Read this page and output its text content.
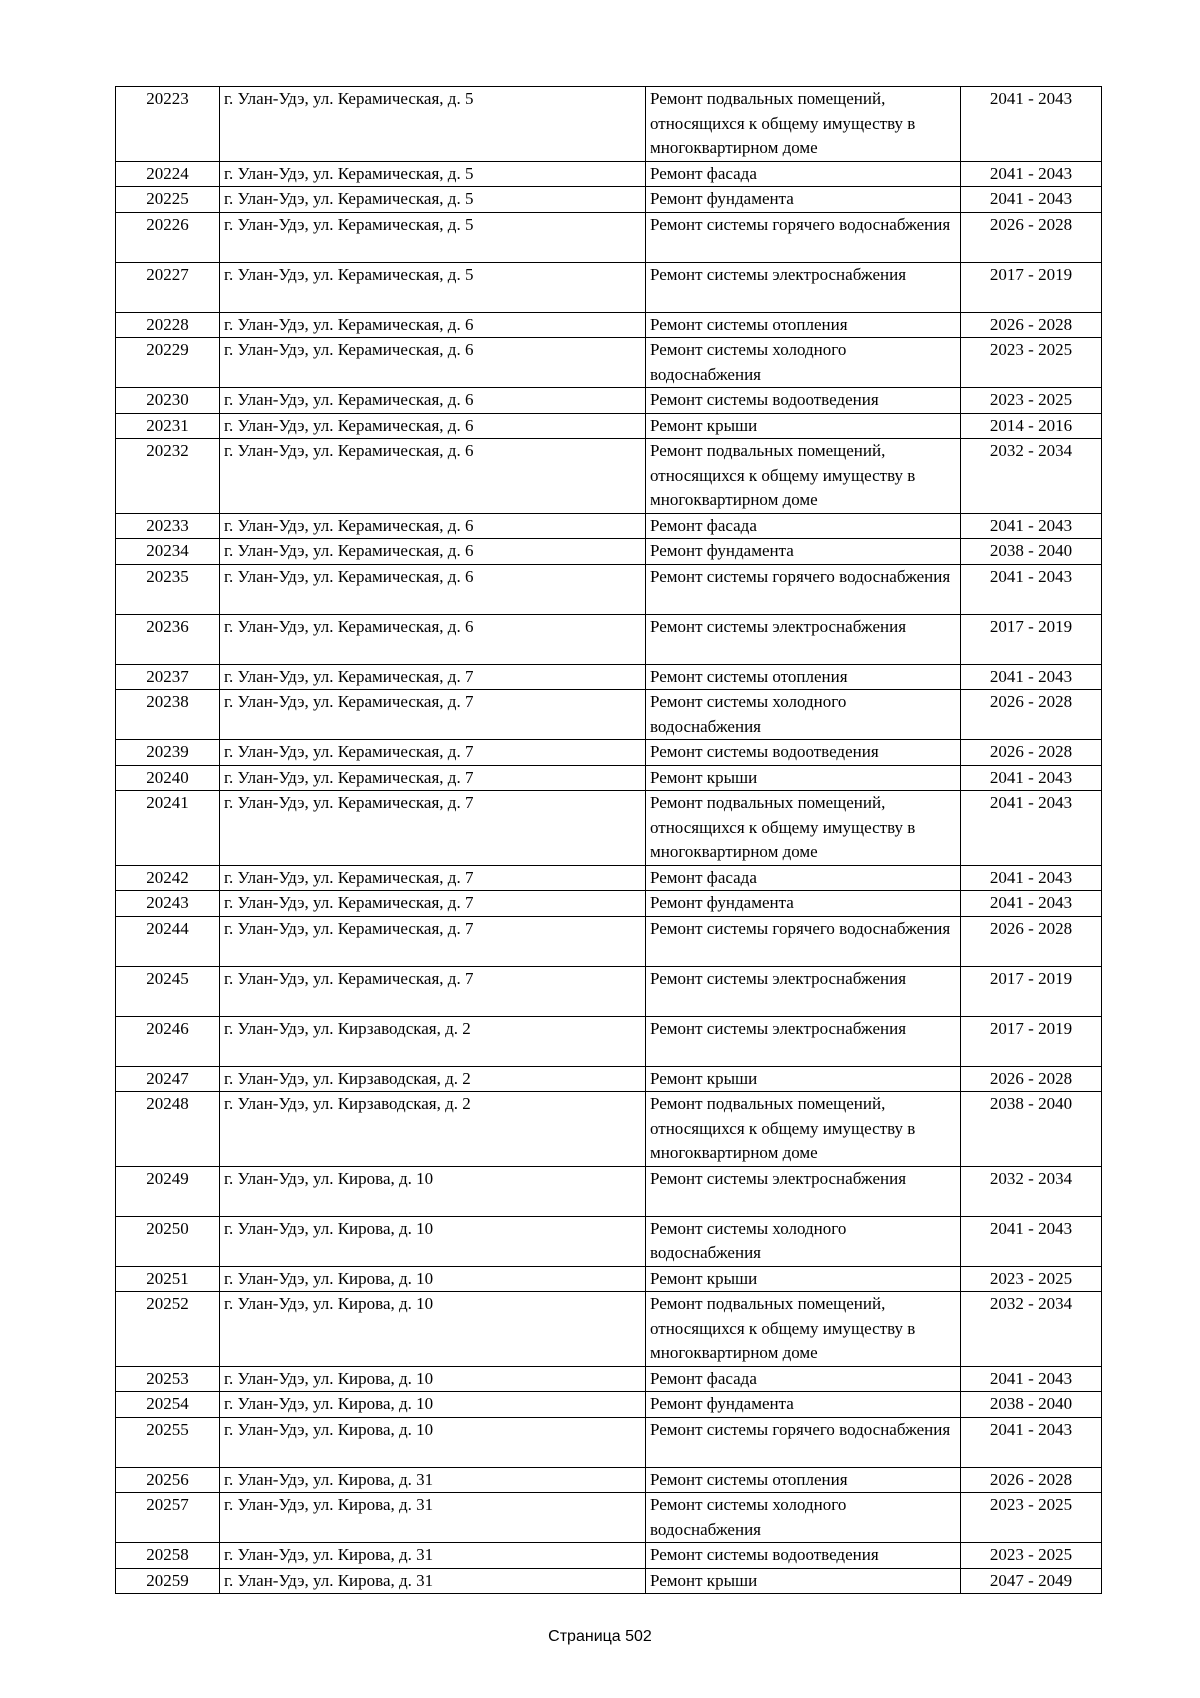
20223	г. Улан-Удэ, ул. Керамическая, д. 5	Ремонт подвальных помещений, относящихся к общему имуществу в многоквартирном доме	2041 - 2043
20224	г. Улан-Удэ, ул. Керамическая, д. 5	Ремонт фасада	2041 - 2043
20225	г. Улан-Удэ, ул. Керамическая, д. 5	Ремонт фундамента	2041 - 2043
20226	г. Улан-Удэ, ул. Керамическая, д. 5	Ремонт системы горячего водоснабжения	2026 - 2028
20227	г. Улан-Удэ, ул. Керамическая, д. 5	Ремонт системы электроснабжения	2017 - 2019
20228	г. Улан-Удэ, ул. Керамическая, д. 6	Ремонт системы отопления	2026 - 2028
20229	г. Улан-Удэ, ул. Керамическая, д. 6	Ремонт системы холодного водоснабжения	2023 - 2025
20230	г. Улан-Удэ, ул. Керамическая, д. 6	Ремонт системы водоотведения	2023 - 2025
20231	г. Улан-Удэ, ул. Керамическая, д. 6	Ремонт крыши	2014 - 2016
20232	г. Улан-Удэ, ул. Керамическая, д. 6	Ремонт подвальных помещений, относящихся к общему имуществу в многоквартирном доме	2032 - 2034
20233	г. Улан-Удэ, ул. Керамическая, д. 6	Ремонт фасада	2041 - 2043
20234	г. Улан-Удэ, ул. Керамическая, д. 6	Ремонт фундамента	2038 - 2040
20235	г. Улан-Удэ, ул. Керамическая, д. 6	Ремонт системы горячего водоснабжения	2041 - 2043
20236	г. Улан-Удэ, ул. Керамическая, д. 6	Ремонт системы электроснабжения	2017 - 2019
20237	г. Улан-Удэ, ул. Керамическая, д. 7	Ремонт системы отопления	2041 - 2043
20238	г. Улан-Удэ, ул. Керамическая, д. 7	Ремонт системы холодного водоснабжения	2026 - 2028
20239	г. Улан-Удэ, ул. Керамическая, д. 7	Ремонт системы водоотведения	2026 - 2028
20240	г. Улан-Удэ, ул. Керамическая, д. 7	Ремонт крыши	2041 - 2043
20241	г. Улан-Удэ, ул. Керамическая, д. 7	Ремонт подвальных помещений, относящихся к общему имуществу в многоквартирном доме	2041 - 2043
20242	г. Улан-Удэ, ул. Керамическая, д. 7	Ремонт фасада	2041 - 2043
20243	г. Улан-Удэ, ул. Керамическая, д. 7	Ремонт фундамента	2041 - 2043
20244	г. Улан-Удэ, ул. Керамическая, д. 7	Ремонт системы горячего водоснабжения	2026 - 2028
20245	г. Улан-Удэ, ул. Керамическая, д. 7	Ремонт системы электроснабжения	2017 - 2019
20246	г. Улан-Удэ, ул. Кирзаводская, д. 2	Ремонт системы электроснабжения	2017 - 2019
20247	г. Улан-Удэ, ул. Кирзаводская, д. 2	Ремонт крыши	2026 - 2028
20248	г. Улан-Удэ, ул. Кирзаводская, д. 2	Ремонт подвальных помещений, относящихся к общему имуществу в многоквартирном доме	2038 - 2040
20249	г. Улан-Удэ, ул. Кирова, д. 10	Ремонт системы электроснабжения	2032 - 2034
20250	г. Улан-Удэ, ул. Кирова, д. 10	Ремонт системы холодного водоснабжения	2041 - 2043
20251	г. Улан-Удэ, ул. Кирова, д. 10	Ремонт крыши	2023 - 2025
20252	г. Улан-Удэ, ул. Кирова, д. 10	Ремонт подвальных помещений, относящихся к общему имуществу в многоквартирном доме	2032 - 2034
20253	г. Улан-Удэ, ул. Кирова, д. 10	Ремонт фасада	2041 - 2043
20254	г. Улан-Удэ, ул. Кирова, д. 10	Ремонт фундамента	2038 - 2040
20255	г. Улан-Удэ, ул. Кирова, д. 10	Ремонт системы горячего водоснабжения	2041 - 2043
20256	г. Улан-Удэ, ул. Кирова, д. 31	Ремонт системы отопления	2026 - 2028
20257	г. Улан-Удэ, ул. Кирова, д. 31	Ремонт системы холодного водоснабжения	2023 - 2025
20258	г. Улан-Удэ, ул. Кирова, д. 31	Ремонт системы водоотведения	2023 - 2025
20259	г. Улан-Удэ, ул. Кирова, д. 31	Ремонт крыши	2047 - 2049
Страница 502
